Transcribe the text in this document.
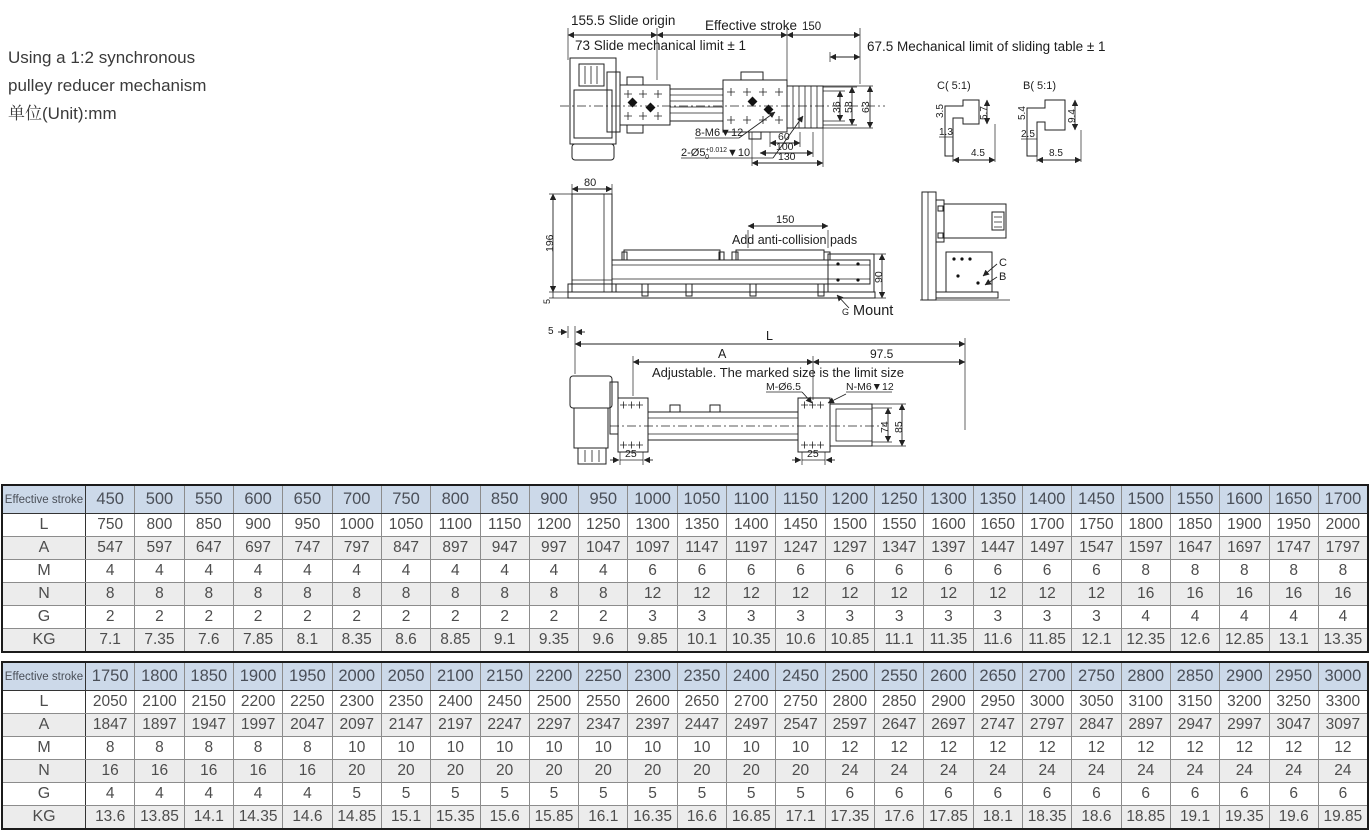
Using a 1:2 synchronous
pulley reducer mechanism
单位(Unit):mm
155.5 Slide origin Effective stroke 150
73 Slide mechanical limit ± 1	67.5 Mechanical limit of sliding table ± 1
36 58 63
60
100
130
8-M6▼12
$2-Ø5^{+0.012}$ 0 ▼10
C( 5:1)
3.5	5.7
1.3
4.5
B( 5:1)
5.4	9.4
2.5
8.5
80
196
5
150
Add anti-collision pads
90
G Mount
C
B
5	L
A	97.5
Adjustable. The marked size is the limit size
M-Ø6.5	N-M6▼12
74 85
25	25
Effective stroke	450	500	550	600	650	700	750	800	850	900	950	1000	1050	1100	1150	1200	1250	1300	1350	1400	1450	1500	1550	1600	1650	1700
L	750	800	850	900	950	1000	1050	1100	1150	1200	1250	1300	1350	1400	1450	1500	1550	1600	1650	1700	1750	1800	1850	1900	1950	2000
A	547	597	647	697	747	797	847	897	947	997	1047	1097	1147	1197	1247	1297	1347	1397	1447	1497	1547	1597	1647	1697	1747	1797
M	4	4	4	4	4	4	4	4	4	4	4	6	6	6	6	6	6	6	6	6	6	8	8	8	8	8
N	8	8	8	8	8	8	8	8	8	8	8	12	12	12	12	12	12	12	12	12	12	16	16	16	16	16
G	2	2	2	2	2	2	2	2	2	2	2	3	3	3	3	3	3	3	3	3	3	4	4	4	4	4
KG	7.1	7.35	7.6	7.85	8.1	8.35	8.6	8.85	9.1	9.35	9.6	9.85	10.1	10.35	10.6	10.85	11.1	11.35	11.6	11.85	12.1	12.35	12.6	12.85	13.1	13.35
Effective stroke	1750	1800	1850	1900	1950	2000	2050	2100	2150	2200	2250	2300	2350	2400	2450	2500	2550	2600	2650	2700	2750	2800	2850	2900	2950	3000
L	2050	2100	2150	2200	2250	2300	2350	2400	2450	2500	2550	2600	2650	2700	2750	2800	2850	2900	2950	3000	3050	3100	3150	3200	3250	3300
A	1847	1897	1947	1997	2047	2097	2147	2197	2247	2297	2347	2397	2447	2497	2547	2597	2647	2697	2747	2797	2847	2897	2947	2997	3047	3097
M	8	8	8	8	8	10	10	10	10	10	10	10	10	10	10	12	12	12	12	12	12	12	12	12	12	12
N	16	16	16	16	16	20	20	20	20	20	20	20	20	20	20	24	24	24	24	24	24	24	24	24	24	24
G	4	4	4	4	4	5	5	5	5	5	5	5	5	5	5	6	6	6	6	6	6	6	6	6	6	6
KG	13.6	13.85	14.1	14.35	14.6	14.85	15.1	15.35	15.6	15.85	16.1	16.35	16.6	16.85	17.1	17.35	17.6	17.85	18.1	18.35	18.6	18.85	19.1	19.35	19.6	19.85
